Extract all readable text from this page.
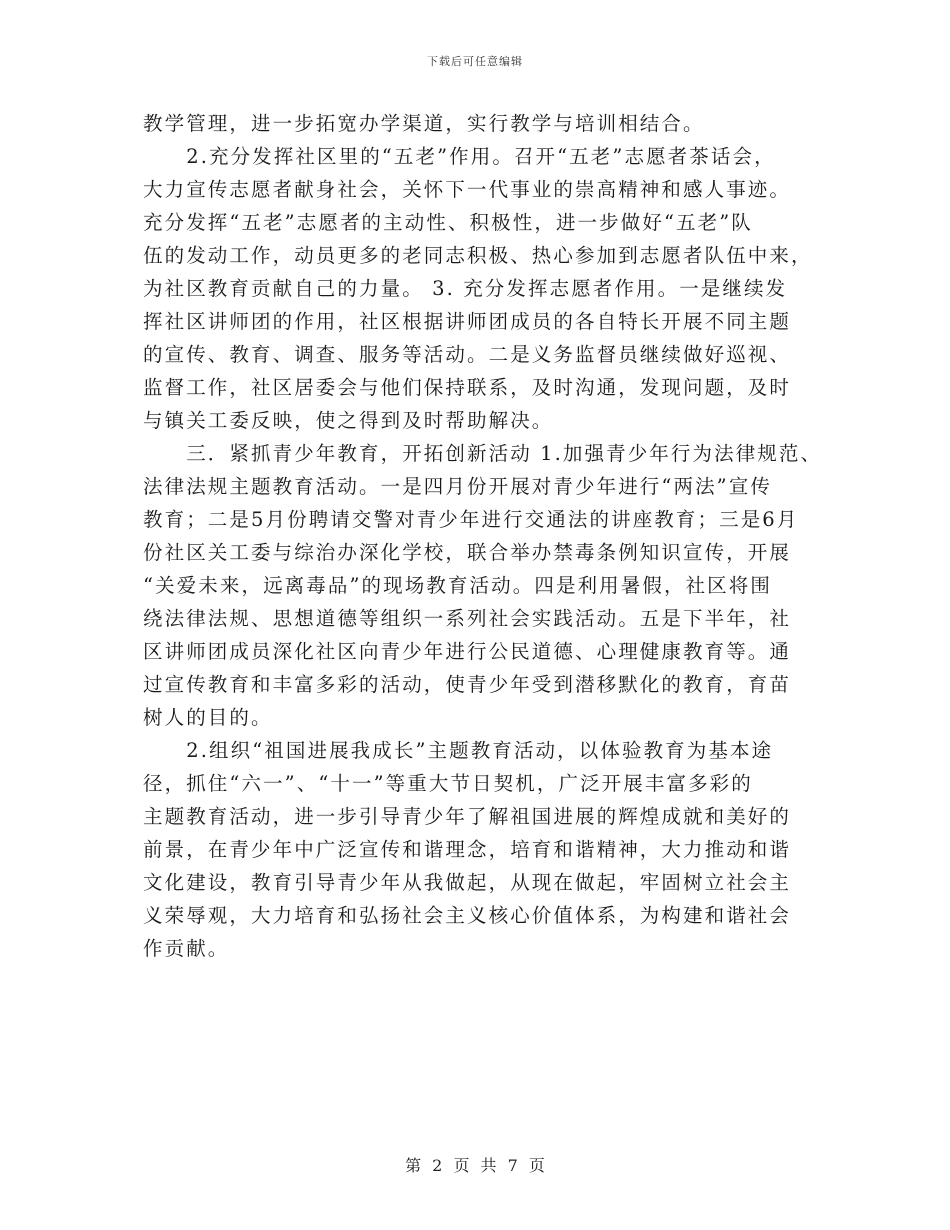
下载后可任意编辑
教学管理，进一步拓宽办学渠道，实行教学与培训相结合。
　　2.充分发挥社区里的“五老”作用。召开“五老”志愿者茶话会，
大力宣传志愿者献身社会，关怀下一代事业的崇高精神和感人事迹。
充分发挥“五老”志愿者的主动性、积极性，进一步做好“五老”队
伍的发动工作，动员更多的老同志积极、热心参加到志愿者队伍中来，
为社区教育贡献自己的力量。 3. 充分发挥志愿者作用。一是继续发
挥社区讲师团的作用，社区根据讲师团成员的各自特长开展不同主题
的宣传、教育、调查、服务等活动。二是义务监督员继续做好巡视、
监督工作，社区居委会与他们保持联系，及时沟通，发现问题，及时
与镇关工委反映，使之得到及时帮助解决。
　　三．紧抓青少年教育，开拓创新活动 1.加强青少年行为法律规范、
法律法规主题教育活动。一是四月份开展对青少年进行“两法”宣传
教育；二是5月份聘请交警对青少年进行交通法的讲座教育；三是6月
份社区关工委与综治办深化学校，联合举办禁毒条例知识宣传，开展
“关爱未来，远离毒品”的现场教育活动。四是利用暑假，社区将围
绕法律法规、思想道德等组织一系列社会实践活动。五是下半年，社
区讲师团成员深化社区向青少年进行公民道德、心理健康教育等。通
过宣传教育和丰富多彩的活动，使青少年受到潜移默化的教育，育苗
树人的目的。
　　2.组织“祖国进展我成长”主题教育活动，以体验教育为基本途
径，抓住“六一”、“十一”等重大节日契机，广泛开展丰富多彩的
主题教育活动，进一步引导青少年了解祖国进展的辉煌成就和美好的
前景，在青少年中广泛宣传和谐理念，培育和谐精神，大力推动和谐
文化建设，教育引导青少年从我做起，从现在做起，牢固树立社会主
义荣辱观，大力培育和弘扬社会主义核心价值体系，为构建和谐社会
作贡献。
第 2 页 共 7 页
